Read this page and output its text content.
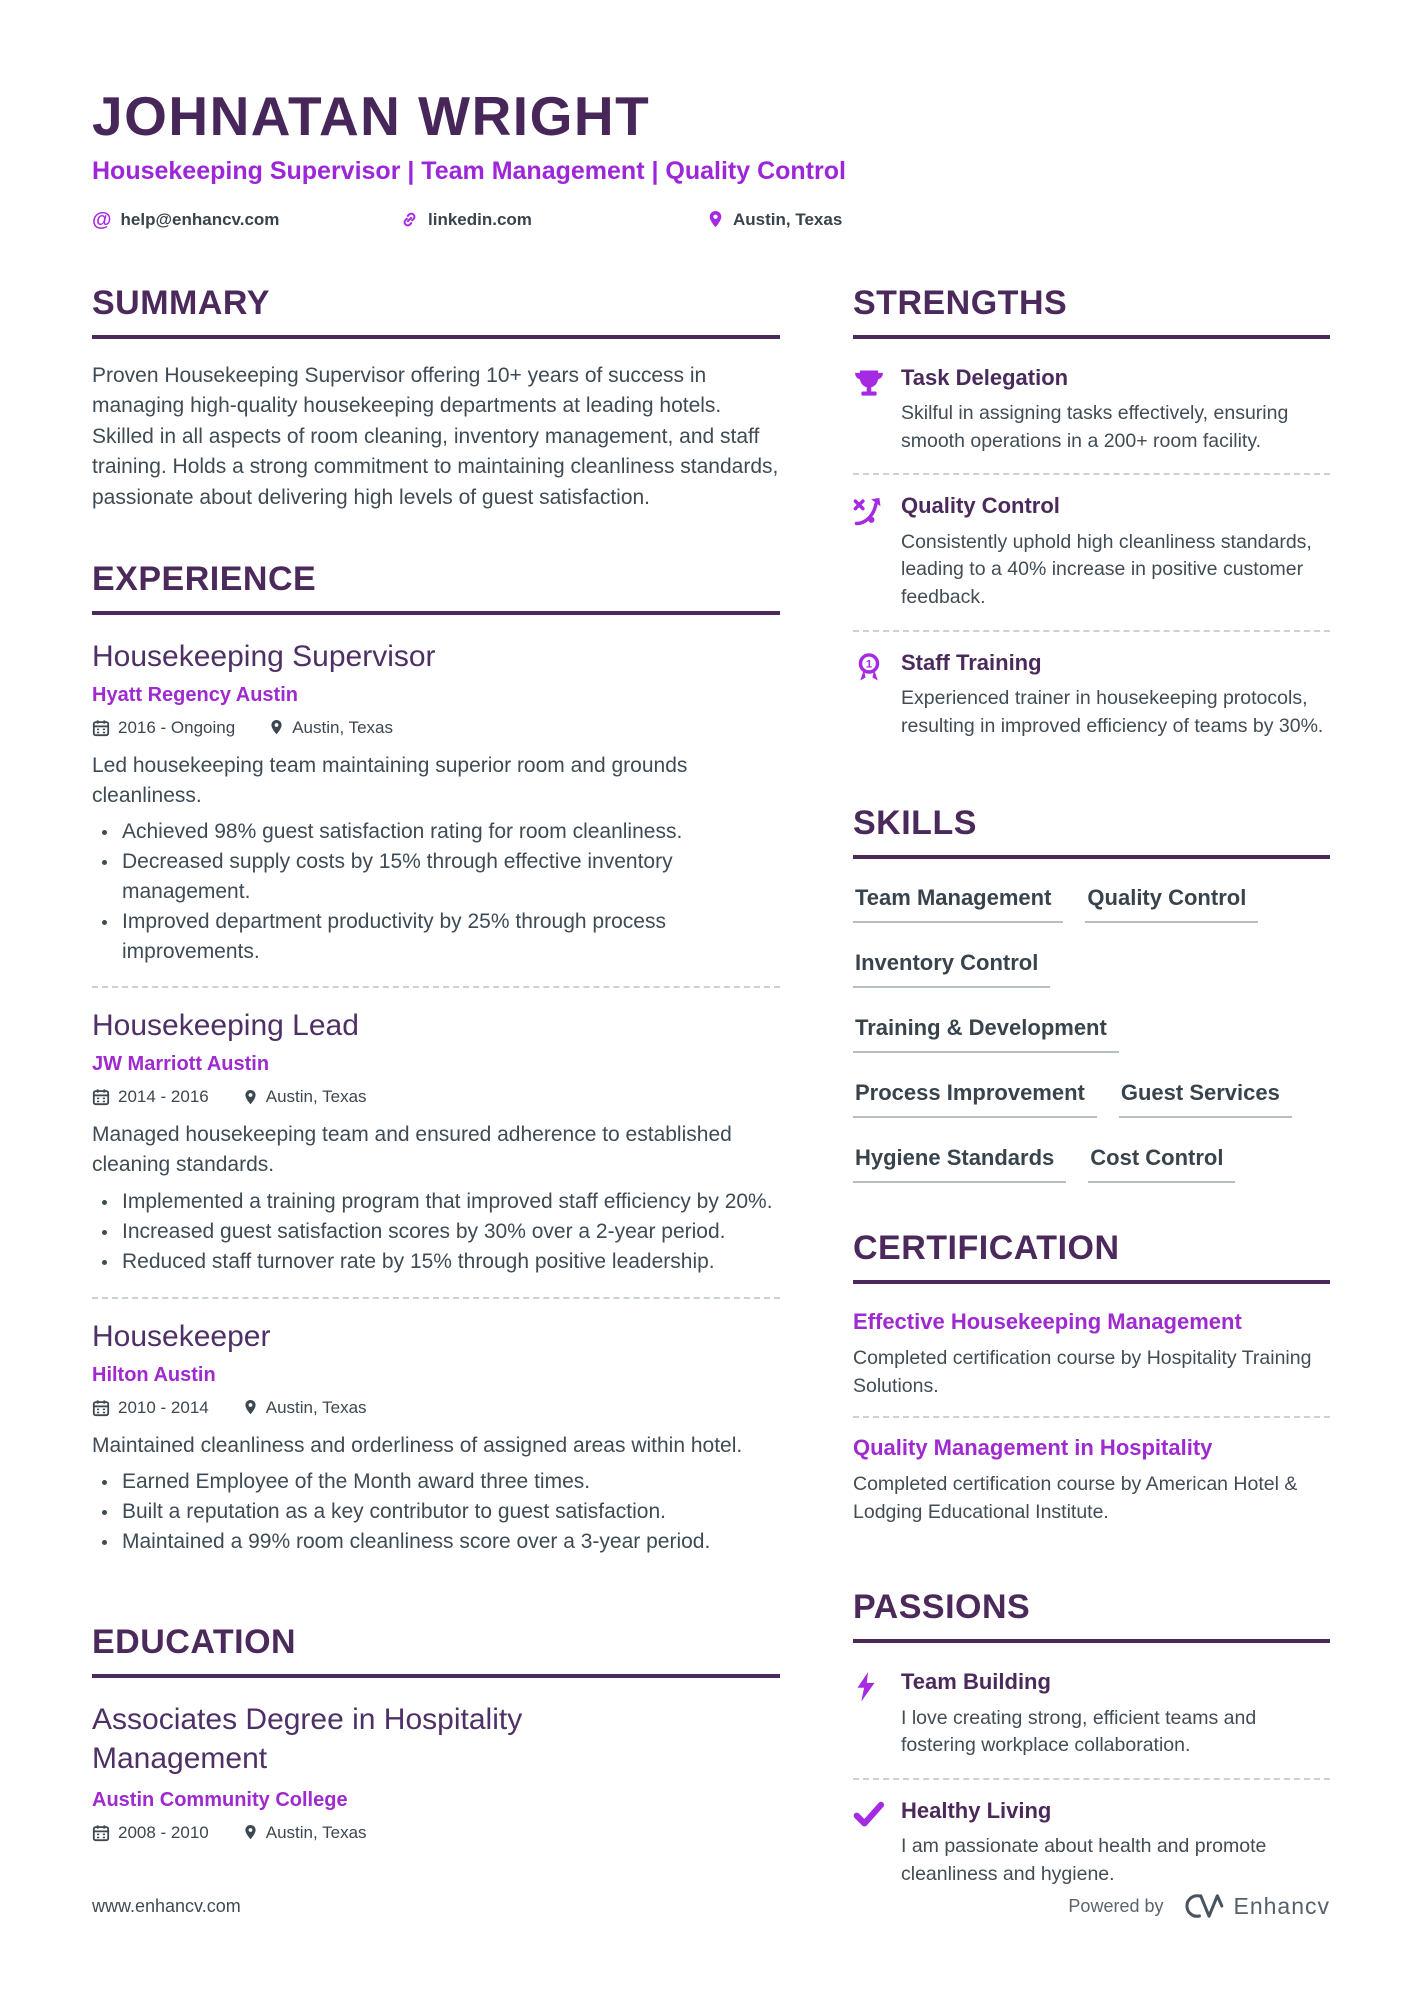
JOHNATAN WRIGHT
Housekeeping Supervisor | Team Management | Quality Control
@ help@enhancv.com	linkedin.com	Austin, Texas
SUMMARY
Proven Housekeeping Supervisor offering 10+ years of success in managing high-quality housekeeping departments at leading hotels. Skilled in all aspects of room cleaning, inventory management, and staff training. Holds a strong commitment to maintaining cleanliness standards, passionate about delivering high levels of guest satisfaction.
EXPERIENCE
Housekeeping Supervisor
Hyatt Regency Austin
2016 - Ongoing	Austin, Texas
Led housekeeping team maintaining superior room and grounds cleanliness.
• Achieved 98% guest satisfaction rating for room cleanliness.
• Decreased supply costs by 15% through effective inventory management.
• Improved department productivity by 25% through process improvements.
Housekeeping Lead
JW Marriott Austin
2014 - 2016	Austin, Texas
Managed housekeeping team and ensured adherence to established cleaning standards.
• Implemented a training program that improved staff efficiency by 20%.
• Increased guest satisfaction scores by 30% over a 2-year period.
• Reduced staff turnover rate by 15% through positive leadership.
Housekeeper
Hilton Austin
2010 - 2014	Austin, Texas
Maintained cleanliness and orderliness of assigned areas within hotel.
• Earned Employee of the Month award three times.
• Built a reputation as a key contributor to guest satisfaction.
• Maintained a 99% room cleanliness score over a 3-year period.
EDUCATION
Associates Degree in Hospitality Management
Austin Community College
2008 - 2010	Austin, Texas
STRENGTHS
Task Delegation
Skilful in assigning tasks effectively, ensuring smooth operations in a 200+ room facility.
Quality Control
Consistently uphold high cleanliness standards, leading to a 40% increase in positive customer feedback.
1 Staff Training
Experienced trainer in housekeeping protocols, resulting in improved efficiency of teams by 30%.
SKILLS
Team Management	Quality Control
Inventory Control
Training & Development
Process Improvement	Guest Services
Hygiene Standards	Cost Control
CERTIFICATION
Effective Housekeeping Management
Completed certification course by Hospitality Training Solutions.
Quality Management in Hospitality
Completed certification course by American Hotel & Lodging Educational Institute.
PASSIONS
Team Building
I love creating strong, efficient teams and fostering workplace collaboration.
Healthy Living
I am passionate about health and promote cleanliness and hygiene.
www.enhancv.com	Powered by	Enhancv
